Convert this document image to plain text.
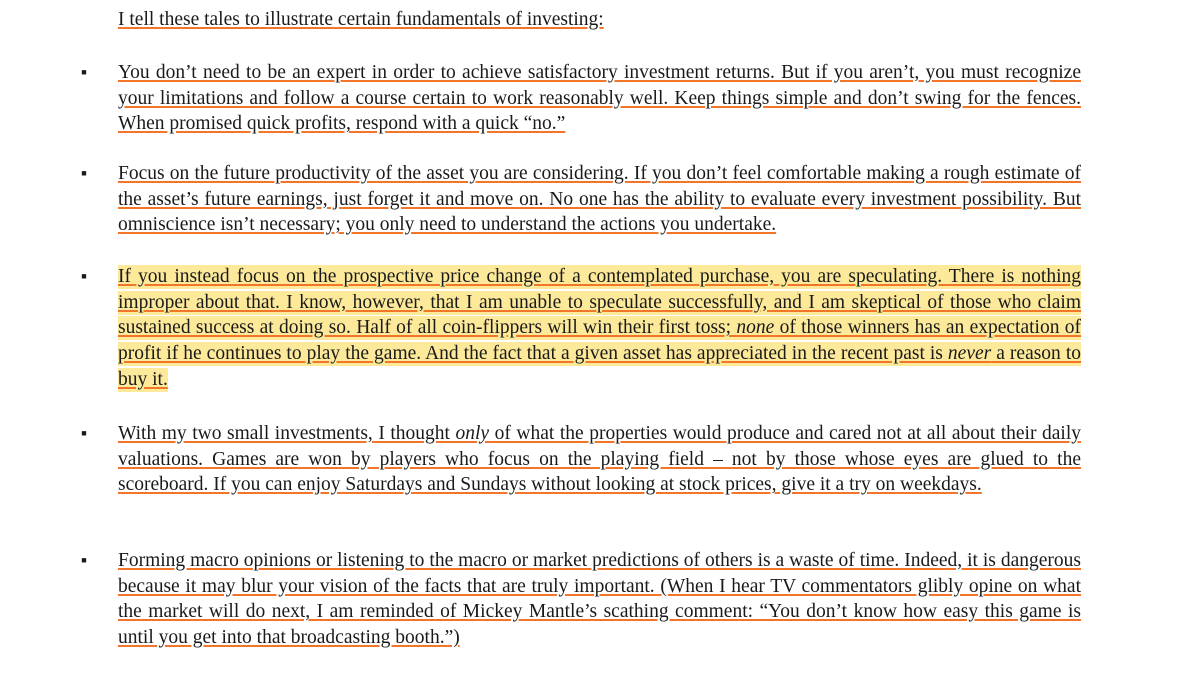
I tell these tales to illustrate certain fundamentals of investing:

■ You don’t need to be an expert in order to achieve satisfactory investment returns. But if you aren’t, you must recognize your limitations and follow a course certain to work reasonably well. Keep things simple and don’t swing for the fences. When promised quick profits, respond with a quick “no.”

■ Focus on the future productivity of the asset you are considering. If you don’t feel comfortable making a rough estimate of the asset’s future earnings, just forget it and move on. No one has the ability to evaluate every investment possibility. But omniscience isn’t necessary; you only need to understand the actions you undertake.

■ If you instead focus on the prospective price change of a contemplated purchase, you are speculating. There is nothing improper about that. I know, however, that I am unable to speculate successfully, and I am skeptical of those who claim sustained success at doing so. Half of all coin-flippers will win their first toss; none of those winners has an expectation of profit if he continues to play the game. And the fact that a given asset has appreciated in the recent past is never a reason to buy it.

■ With my two small investments, I thought only of what the properties would produce and cared not at all about their daily valuations. Games are won by players who focus on the playing field – not by those whose eyes are glued to the scoreboard. If you can enjoy Saturdays and Sundays without looking at stock prices, give it a try on weekdays.

■ Forming macro opinions or listening to the macro or market predictions of others is a waste of time. Indeed, it is dangerous because it may blur your vision of the facts that are truly important. (When I hear TV commentators glibly opine on what the market will do next, I am reminded of Mickey Mantle’s scathing comment: “You don’t know how easy this game is until you get into that broadcasting booth.”)
